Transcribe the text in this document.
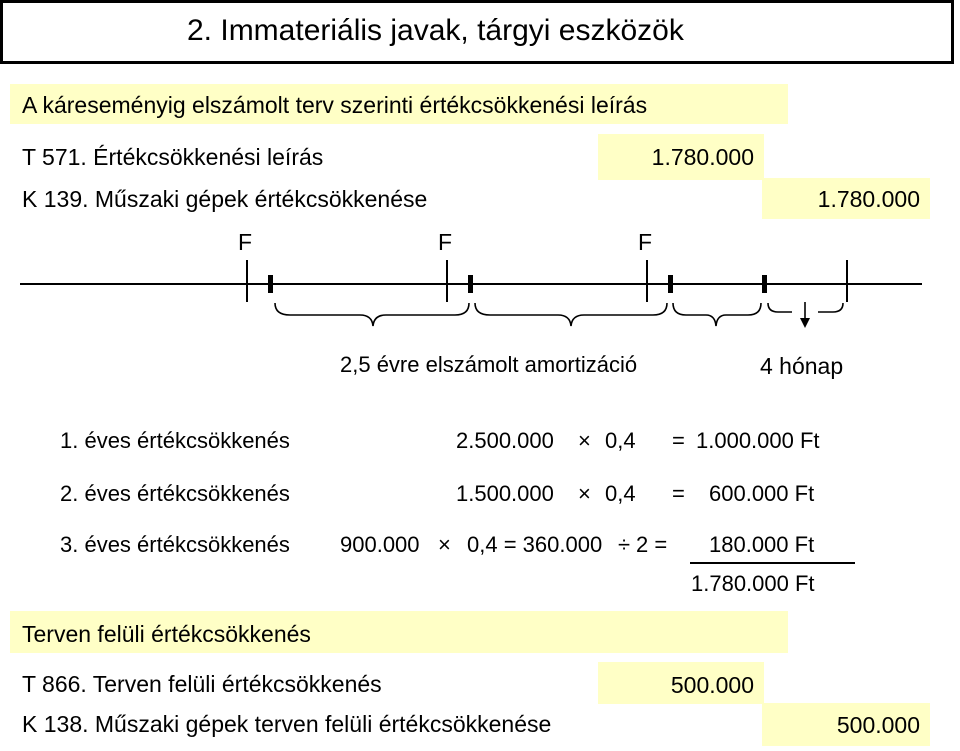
2. Immateriális javak, tárgyi eszközök
A káreseményig elszámolt terv szerinti értékcsökkenési leírás
T 571. Értékcsökkenési leírás	1.780.000
K 139. Műszaki gépek értékcsökkenése	1.780.000
F	F	F
2,5 évre elszámolt amortizáció	4 hónap
1. éves értékcsökkenés	2.500.000 × 0,4 = 1.000.000 Ft
2. éves értékcsökkenés	1.500.000 × 0,4 = 600.000 Ft
3. éves értékcsökkenés 900.000 × 0,4 = 360.000 ÷ 2 = 180.000 Ft
1.780.000 Ft
Terven felüli értékcsökkenés
T 866. Terven felüli értékcsökkenés	500.000
K 138. Műszaki gépek terven felüli értékcsökkenése	500.000
